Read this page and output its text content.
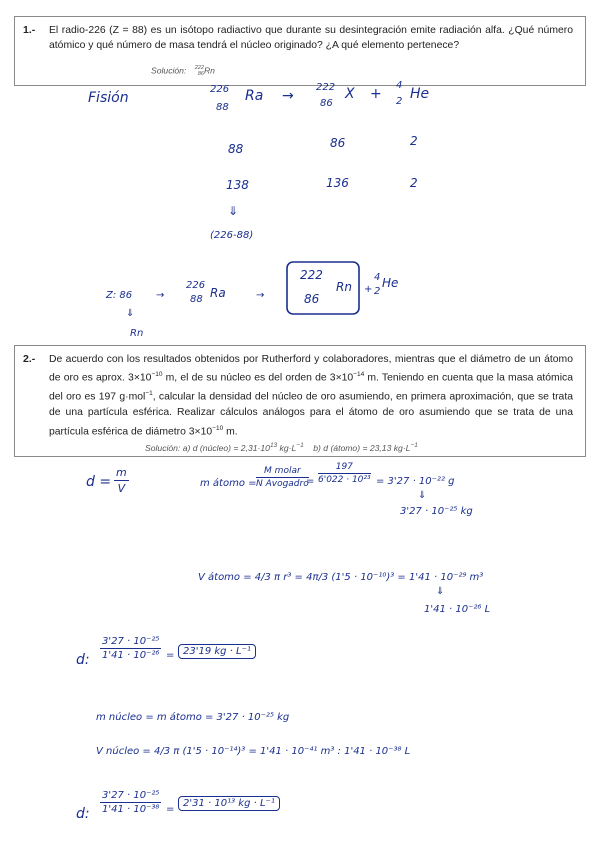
1.- El radio-226 (Z = 88) es un isótopo radiactivo que durante su desintegración emite radiación alfa. ¿Qué número atómico y qué número de masa tendrá el núcleo originado? ¿A qué elemento pertenece?
Solución: 222
86Rn
Fisión
226
88
Ra →
222
86
X +
4
2 He
88	86	2
138	136	2
⇓
(226-88)
Z: 86 →
226
88 Ra	→
⇓
Rn
222
86
Rn +
4
2
He
2.- De acuerdo con los resultados obtenidos por Rutherford y colaboradores, mientras que el diámetro de un átomo de oro es aprox. $3\times 10^{-10}$ m, el de su núcleo es del orden de $3\times 10^{-14}$ m. Teniendo en cuenta que la masa atómica del oro es 197 g·mol$^{-1}$, calcular la densidad del núcleo de oro asumiendo, en primera aproximación, que se trata de una partícula esférica. Realizar cálculos análogos para el átomo de oro asumiendo que se trata de una partícula esférica de diámetro $3\times 10^{-10}$ m.
Solución: a) d (núcleo) = $2,31\cdot 10^{13}$ $kg\cdot L^{-1}$    b) d (átomo) = 23,13 $kg\cdot L^{-1}$
$d = \frac{m}{V}$	m átomo =
M molar
N Avogadro
= $\frac{197}{\text{6'022 · 10²³}} = 3'27 \cdot 10^{-22}$ g
⇓
3'27 · 10⁻²⁵ kg
V átomo = 4/3 π r³ = 4π/3 (1'5 · 10⁻¹⁰)³ = 1'41 · 10⁻²⁹ m³
⇓
1'41 · 10⁻²⁶ L
d: $\frac{\text{3'27 · 10⁻²⁵}}{\text{1'41 · 10⁻²⁶}} = 23'19$ kg · L⁻¹
m núcleo = m átomo = 3'27 · 10⁻²⁵ kg
V núcleo = 4/3 π (1'5 · 10⁻¹⁴)³ = 1'41 · 10⁻⁴¹ m³ : 1'41 · 10⁻³⁸ L
d: $\frac{\text{3'27 · 10⁻²⁵}}{\text{1'41 · 10⁻³⁸}}$ =
2'31 · 10¹³ kg · L⁻¹
